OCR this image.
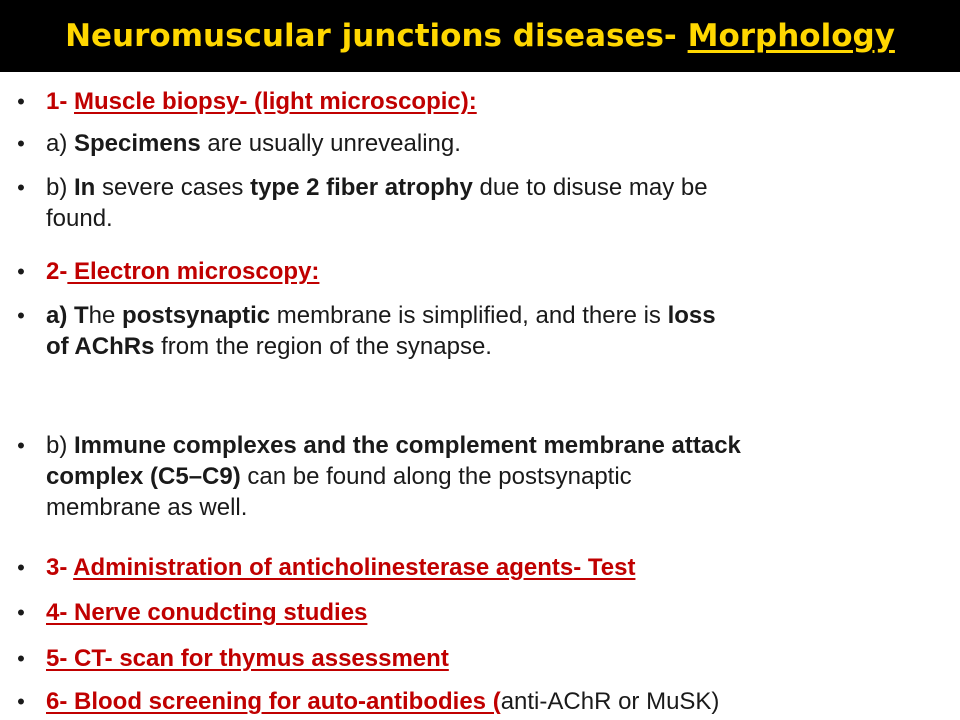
Neuromuscular junctions diseases- Morphology
• 1- Muscle biopsy- (light microscopic):
• a) Specimens are usually unrevealing.
• b) In severe cases type 2 fiber atrophy due to disuse may be
found.
• 2- Electron microscopy:
• a) The postsynaptic membrane is simplified, and there is loss
of AChRs from the region of the synapse.
• b) Immune complexes and the complement membrane attack
complex (C5–C9) can be found along the postsynaptic
membrane as well.
• 3- Administration of anticholinesterase agents- Test
• 4- Nerve conudcting studies
• 5- CT- scan for thymus assessment
• 6- Blood screening for auto-antibodies (anti-AChR or MuSK)
